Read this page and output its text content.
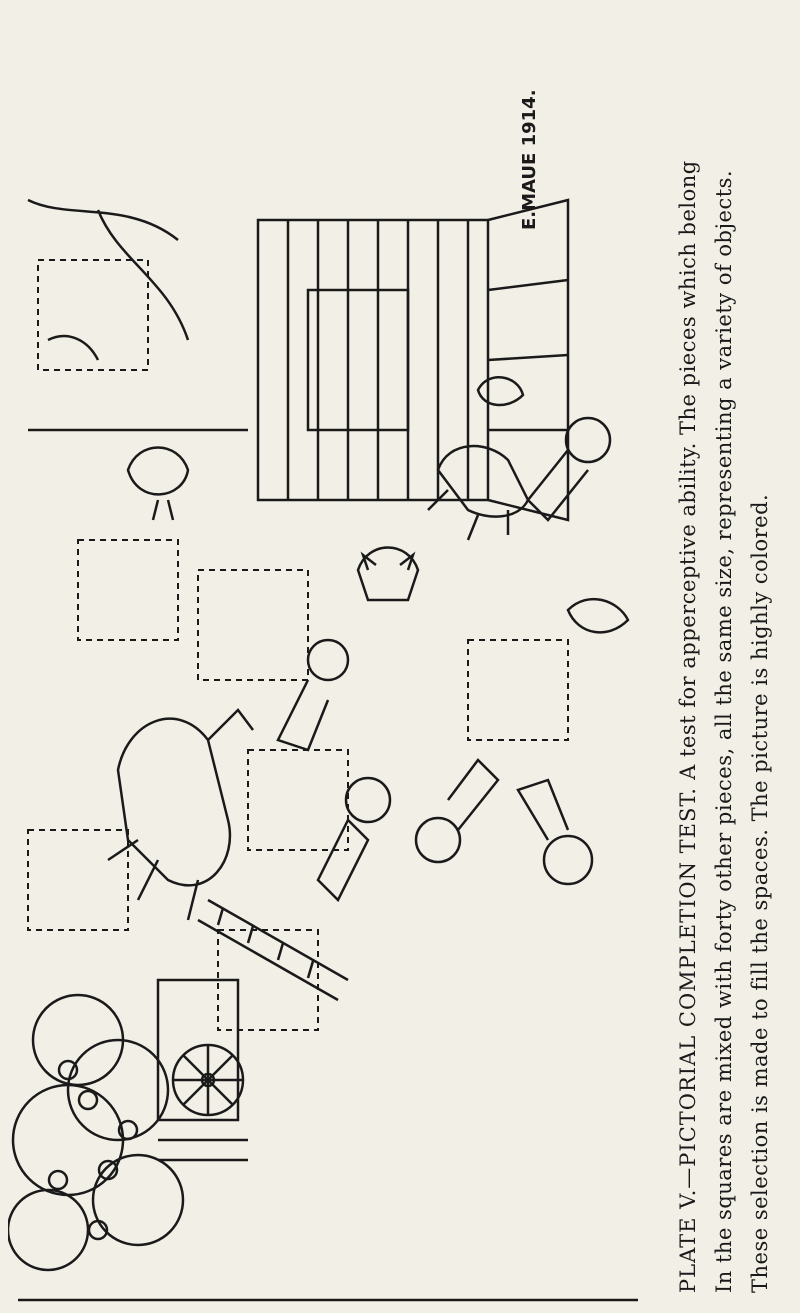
PLATE V.—PICTORIAL COMPLETION TEST. A test for apperceptive ability. The pieces which belong In the squares are mixed with forty other pieces, all the same size, representing a variety of objects. These selection is made to fill the spaces. The picture is highly colored.

E.MAUE 1914.
